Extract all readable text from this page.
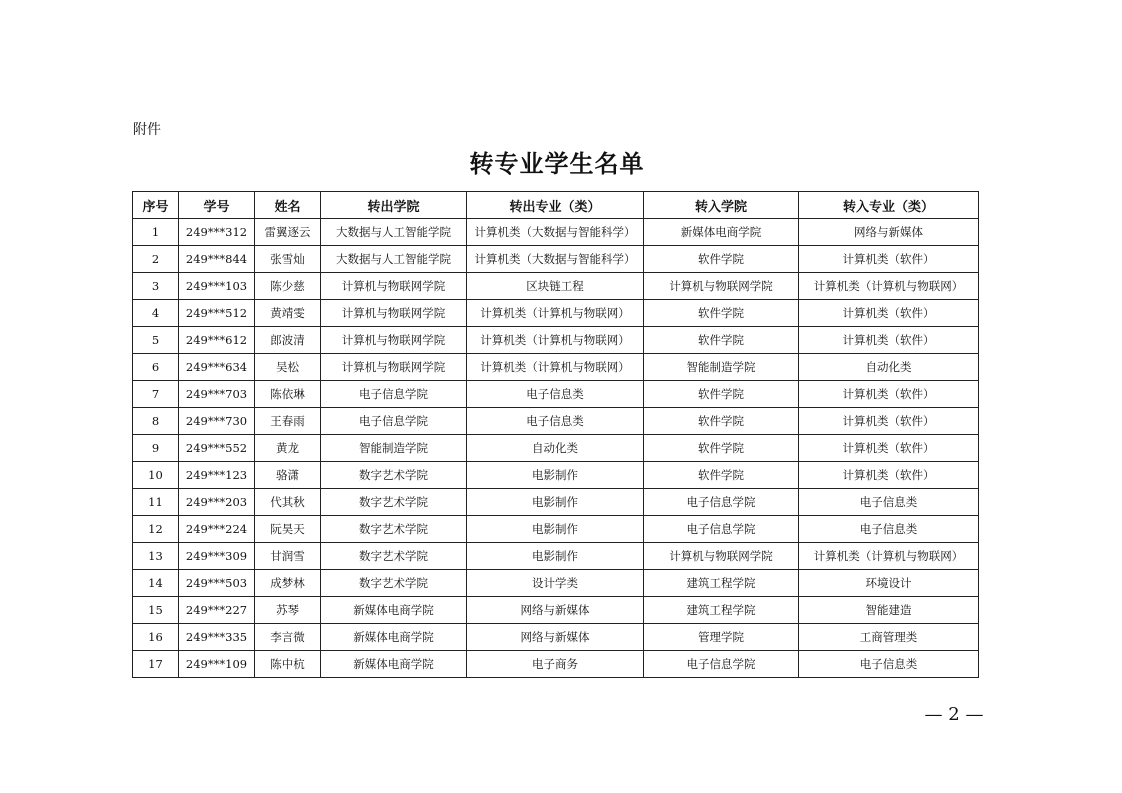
附件
转专业学生名单
序号	学号	姓名	转出学院	转出专业（类）	转入学院	转入专业（类）
1	249***312	雷翼逐云	大数据与人工智能学院	计算机类（大数据与智能科学）	新媒体电商学院	网络与新媒体
2	249***844	张雪灿	大数据与人工智能学院	计算机类（大数据与智能科学）	软件学院	计算机类（软件）
3	249***103	陈少慈	计算机与物联网学院	区块链工程	计算机与物联网学院	计算机类（计算机与物联网）
4	249***512	黄靖雯	计算机与物联网学院	计算机类（计算机与物联网）	软件学院	计算机类（软件）
5	249***612	郎波清	计算机与物联网学院	计算机类（计算机与物联网）	软件学院	计算机类（软件）
6	249***634	吴松	计算机与物联网学院	计算机类（计算机与物联网）	智能制造学院	自动化类
7	249***703	陈依琳	电子信息学院	电子信息类	软件学院	计算机类（软件）
8	249***730	王春雨	电子信息学院	电子信息类	软件学院	计算机类（软件）
9	249***552	黄龙	智能制造学院	自动化类	软件学院	计算机类（软件）
10	249***123	骆潇	数字艺术学院	电影制作	软件学院	计算机类（软件）
11	249***203	代其秋	数字艺术学院	电影制作	电子信息学院	电子信息类
12	249***224	阮昊天	数字艺术学院	电影制作	电子信息学院	电子信息类
13	249***309	甘润雪	数字艺术学院	电影制作	计算机与物联网学院	计算机类（计算机与物联网）
14	249***503	成梦林	数字艺术学院	设计学类	建筑工程学院	环境设计
15	249***227	苏琴	新媒体电商学院	网络与新媒体	建筑工程学院	智能建造
16	249***335	李言微	新媒体电商学院	网络与新媒体	管理学院	工商管理类
17	249***109	陈中杭	新媒体电商学院	电子商务	电子信息学院	电子信息类
— 2 —
